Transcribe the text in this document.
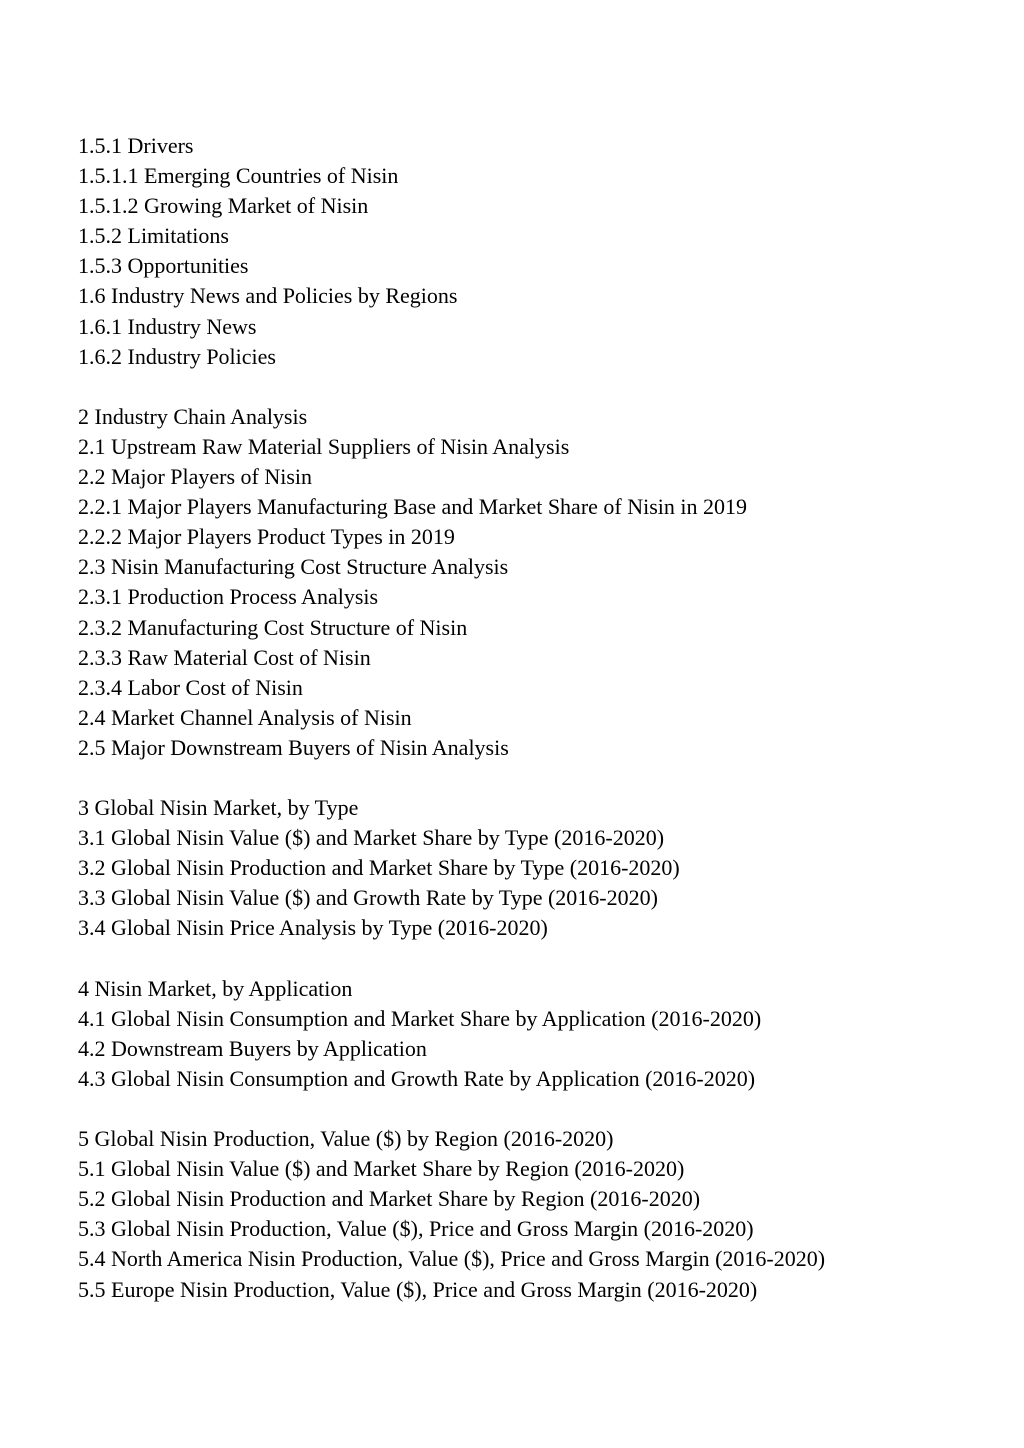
1.5.1 Drivers
1.5.1.1 Emerging Countries of Nisin
1.5.1.2 Growing Market of Nisin
1.5.2 Limitations
1.5.3 Opportunities
1.6 Industry News and Policies by Regions
1.6.1 Industry News
1.6.2 Industry Policies
2 Industry Chain Analysis
2.1 Upstream Raw Material Suppliers of Nisin Analysis
2.2 Major Players of Nisin
2.2.1 Major Players Manufacturing Base and Market Share of Nisin in 2019
2.2.2 Major Players Product Types in 2019
2.3 Nisin Manufacturing Cost Structure Analysis
2.3.1 Production Process Analysis
2.3.2 Manufacturing Cost Structure of Nisin
2.3.3 Raw Material Cost of Nisin
2.3.4 Labor Cost of Nisin
2.4 Market Channel Analysis of Nisin
2.5 Major Downstream Buyers of Nisin Analysis
3 Global Nisin Market, by Type
3.1 Global Nisin Value ($) and Market Share by Type (2016-2020)
3.2 Global Nisin Production and Market Share by Type (2016-2020)
3.3 Global Nisin Value ($) and Growth Rate by Type (2016-2020)
3.4 Global Nisin Price Analysis by Type (2016-2020)
4 Nisin Market, by Application
4.1 Global Nisin Consumption and Market Share by Application (2016-2020)
4.2 Downstream Buyers by Application
4.3 Global Nisin Consumption and Growth Rate by Application (2016-2020)
5 Global Nisin Production, Value ($) by Region (2016-2020)
5.1 Global Nisin Value ($) and Market Share by Region (2016-2020)
5.2 Global Nisin Production and Market Share by Region (2016-2020)
5.3 Global Nisin Production, Value ($), Price and Gross Margin (2016-2020)
5.4 North America Nisin Production, Value ($), Price and Gross Margin (2016-2020)
5.5 Europe Nisin Production, Value ($), Price and Gross Margin (2016-2020)
